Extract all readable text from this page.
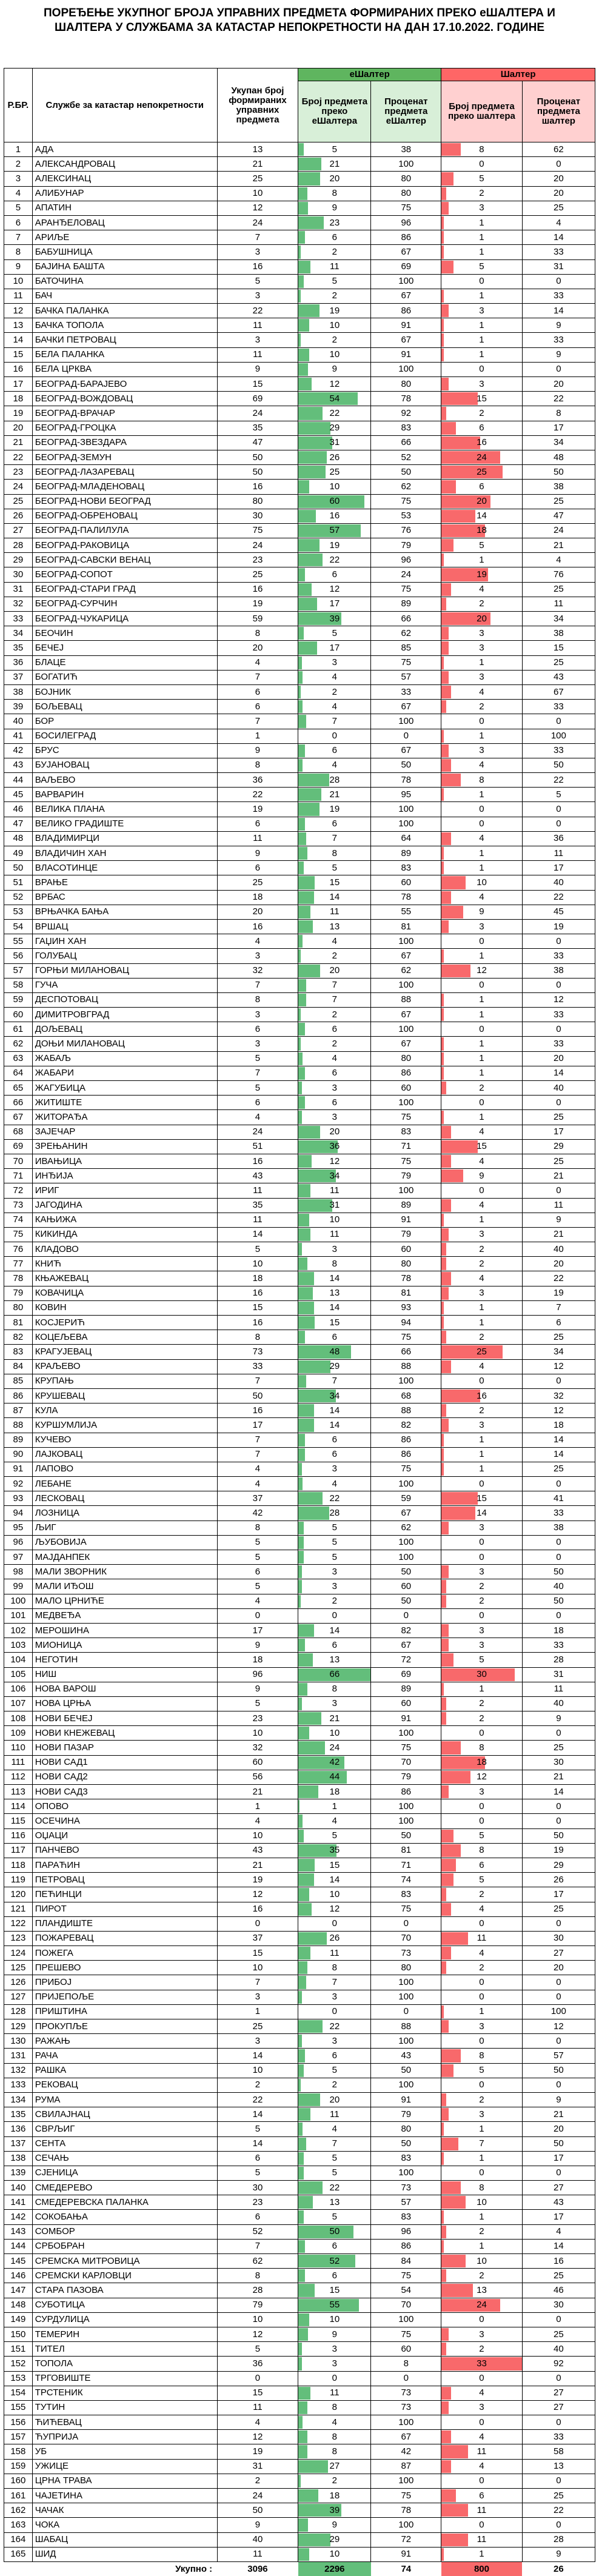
ПОРЕЂЕЊЕ УКУПНОГ БРОЈА УПРАВНИХ ПРЕДМЕТА ФОРМИРАНИХ ПРЕКО еШАЛТЕРА И
ШАЛТЕРА У СЛУЖБАМА ЗА КАТАСТАР НЕПОКРЕТНОСТИ НА ДАН 17.10.2022. ГОДИНЕ
Р.БР.	Службе за катастар непокретности	Укупан број формираних управних предмета	еШалтер		Шалтер	
			Број предмета преко еШалтера	Проценат предмета еШалтер	Број предмета преко шалтера	Проценат предмета шалтер
1	АДА	13	5	38	8	62
2	АЛЕКСАНДРОВАЦ	21	21	100	0	0
3	АЛЕКСИНАЦ	25	20	80	5	20
4	АЛИБУНАР	10	8	80	2	20
5	АПАТИН	12	9	75	3	25
6	АРАНЂЕЛОВАЦ	24	23	96	1	4
7	АРИЉЕ	7	6	86	1	14
8	БАБУШНИЦА	3	2	67	1	33
9	БАЈИНА БАШТА	16	11	69	5	31
10	БАТОЧИНА	5	5	100	0	0
11	БАЧ	3	2	67	1	33
12	БАЧКА ПАЛАНКА	22	19	86	3	14
13	БАЧКА ТОПОЛА	11	10	91	1	9
14	БАЧКИ ПЕТРОВАЦ	3	2	67	1	33
15	БЕЛА ПАЛАНКА	11	10	91	1	9
16	БЕЛА ЦРКВА	9	9	100	0	0
17	БЕОГРАД-БАРАЈЕВО	15	12	80	3	20
18	БЕОГРАД-ВОЖДОВАЦ	69	54	78	15	22
19	БЕОГРАД-ВРАЧАР	24	22	92	2	8
20	БЕОГРАД-ГРОЦКА	35	29	83	6	17
21	БЕОГРАД-ЗВЕЗДАРА	47	31	66	16	34
22	БЕОГРАД-ЗЕМУН	50	26	52	24	48
23	БЕОГРАД-ЛАЗАРЕВАЦ	50	25	50	25	50
24	БЕОГРАД-МЛАДЕНОВАЦ	16	10	62	6	38
25	БЕОГРАД-НОВИ БЕОГРАД	80	60	75	20	25
26	БЕОГРАД-ОБРЕНОВАЦ	30	16	53	14	47
27	БЕОГРАД-ПАЛИЛУЛА	75	57	76	18	24
28	БЕОГРАД-РАКОВИЦА	24	19	79	5	21
29	БЕОГРАД-САВСКИ ВЕНАЦ	23	22	96	1	4
30	БЕОГРАД-СОПОТ	25	6	24	19	76
31	БЕОГРАД-СТАРИ ГРАД	16	12	75	4	25
32	БЕОГРАД-СУРЧИН	19	17	89	2	11
33	БЕОГРАД-ЧУКАРИЦА	59	39	66	20	34
34	БЕОЧИН	8	5	62	3	38
35	БЕЧЕЈ	20	17	85	3	15
36	БЛАЦЕ	4	3	75	1	25
37	БОГАТИЋ	7	4	57	3	43
38	БОЈНИК	6	2	33	4	67
39	БОЉЕВАЦ	6	4	67	2	33
40	БОР	7	7	100	0	0
41	БОСИЛЕГРАД	1	0	0	1	100
42	БРУС	9	6	67	3	33
43	БУЈАНОВАЦ	8	4	50	4	50
44	ВАЉЕВО	36	28	78	8	22
45	ВАРВАРИН	22	21	95	1	5
46	ВЕЛИКА ПЛАНА	19	19	100	0	0
47	ВЕЛИКО ГРАДИШТЕ	6	6	100	0	0
48	ВЛАДИМИРЦИ	11	7	64	4	36
49	ВЛАДИЧИН ХАН	9	8	89	1	11
50	ВЛАСОТИНЦЕ	6	5	83	1	17
51	ВРАЊЕ	25	15	60	10	40
52	ВРБАС	18	14	78	4	22
53	ВРЊАЧКА БАЊА	20	11	55	9	45
54	ВРШАЦ	16	13	81	3	19
55	ГАЏИН ХАН	4	4	100	0	0
56	ГОЛУБАЦ	3	2	67	1	33
57	ГОРЊИ МИЛАНОВАЦ	32	20	62	12	38
58	ГУЧА	7	7	100	0	0
59	ДЕСПОТОВАЦ	8	7	88	1	12
60	ДИМИТРОВГРАД	3	2	67	1	33
61	ДОЉЕВАЦ	6	6	100	0	0
62	ДОЊИ МИЛАНОВАЦ	3	2	67	1	33
63	ЖАБАЉ	5	4	80	1	20
64	ЖАБАРИ	7	6	86	1	14
65	ЖАГУБИЦА	5	3	60	2	40
66	ЖИТИШТЕ	6	6	100	0	0
67	ЖИТОРАЂА	4	3	75	1	25
68	ЗАЈЕЧАР	24	20	83	4	17
69	ЗРЕЊАНИН	51	36	71	15	29
70	ИВАЊИЦА	16	12	75	4	25
71	ИНЂИЈА	43	34	79	9	21
72	ИРИГ	11	11	100	0	0
73	ЈАГОДИНА	35	31	89	4	11
74	КАЊИЖА	11	10	91	1	9
75	КИКИНДА	14	11	79	3	21
76	КЛАДОВО	5	3	60	2	40
77	КНИЋ	10	8	80	2	20
78	КЊАЖЕВАЦ	18	14	78	4	22
79	КОВАЧИЦА	16	13	81	3	19
80	КОВИН	15	14	93	1	7
81	КОСЈЕРИЋ	16	15	94	1	6
82	КОЦЕЉЕВА	8	6	75	2	25
83	КРАГУЈЕВАЦ	73	48	66	25	34
84	КРАЉЕВО	33	29	88	4	12
85	КРУПАЊ	7	7	100	0	0
86	КРУШЕВАЦ	50	34	68	16	32
87	КУЛА	16	14	88	2	12
88	КУРШУМЛИЈА	17	14	82	3	18
89	КУЧЕВО	7	6	86	1	14
90	ЛАЈКОВАЦ	7	6	86	1	14
91	ЛАПОВО	4	3	75	1	25
92	ЛЕБАНЕ	4	4	100	0	0
93	ЛЕСКОВАЦ	37	22	59	15	41
94	ЛОЗНИЦА	42	28	67	14	33
95	ЉИГ	8	5	62	3	38
96	ЉУБОВИЈА	5	5	100	0	0
97	МАЈДАНПЕК	5	5	100	0	0
98	МАЛИ ЗВОРНИК	6	3	50	3	50
99	МАЛИ ИЂОШ	5	3	60	2	40
100	МАЛО ЦРНИЋЕ	4	2	50	2	50
101	МЕДВЕЂА	0	0	0	0	0
102	МЕРОШИНА	17	14	82	3	18
103	МИОНИЦА	9	6	67	3	33
104	НЕГОТИН	18	13	72	5	28
105	НИШ	96	66	69	30	31
106	НОВА ВАРОШ	9	8	89	1	11
107	НОВА ЦРЊА	5	3	60	2	40
108	НОВИ БЕЧЕЈ	23	21	91	2	9
109	НОВИ КНЕЖЕВАЦ	10	10	100	0	0
110	НОВИ ПАЗАР	32	24	75	8	25
111	НОВИ САД1	60	42	70	18	30
112	НОВИ САД2	56	44	79	12	21
113	НОВИ САД3	21	18	86	3	14
114	ОПОВО	1	1	100	0	0
115	ОСЕЧИНА	4	4	100	0	0
116	ОЏАЦИ	10	5	50	5	50
117	ПАНЧЕВО	43	35	81	8	19
118	ПАРАЋИН	21	15	71	6	29
119	ПЕТРОВАЦ	19	14	74	5	26
120	ПЕЋИНЦИ	12	10	83	2	17
121	ПИРОТ	16	12	75	4	25
122	ПЛАНДИШТЕ	0	0	0	0	0
123	ПОЖАРЕВАЦ	37	26	70	11	30
124	ПОЖЕГА	15	11	73	4	27
125	ПРЕШЕВО	10	8	80	2	20
126	ПРИБОЈ	7	7	100	0	0
127	ПРИЈЕПОЉЕ	3	3	100	0	0
128	ПРИШТИНА	1	0	0	1	100
129	ПРОКУПЉЕ	25	22	88	3	12
130	РАЖАЊ	3	3	100	0	0
131	РАЧА	14	6	43	8	57
132	РАШКА	10	5	50	5	50
133	РЕКОВАЦ	2	2	100	0	0
134	РУМА	22	20	91	2	9
135	СВИЛАЈНАЦ	14	11	79	3	21
136	СВРЉИГ	5	4	80	1	20
137	СЕНТА	14	7	50	7	50
138	СЕЧАЊ	6	5	83	1	17
139	СЈЕНИЦА	5	5	100	0	0
140	СМЕДЕРЕВО	30	22	73	8	27
141	СМЕДЕРЕВСКА ПАЛАНКА	23	13	57	10	43
142	СОКОБАЊА	6	5	83	1	17
143	СОМБОР	52	50	96	2	4
144	СРБОБРАН	7	6	86	1	14
145	СРЕМСКА МИТРОВИЦА	62	52	84	10	16
146	СРЕМСКИ КАРЛОВЦИ	8	6	75	2	25
147	СТАРА ПАЗОВА	28	15	54	13	46
148	СУБОТИЦА	79	55	70	24	30
149	СУРДУЛИЦА	10	10	100	0	0
150	ТЕМЕРИН	12	9	75	3	25
151	ТИТЕЛ	5	3	60	2	40
152	ТОПОЛА	36	3	8	33	92
153	ТРГОВИШТЕ	0	0	0	0	0
154	ТРСТЕНИК	15	11	73	4	27
155	ТУТИН	11	8	73	3	27
156	ЋИЋЕВАЦ	4	4	100	0	0
157	ЋУПРИЈА	12	8	67	4	33
158	УБ	19	8	42	11	58
159	УЖИЦЕ	31	27	87	4	13
160	ЦРНА ТРАВА	2	2	100	0	0
161	ЧАЈЕТИНА	24	18	75	6	25
162	ЧАЧАК	50	39	78	11	22
163	ЧОКА	9	9	100	0	0
164	ШАБАЦ	40	29	72	11	28
165	ШИД	11	10	91	1	9
Укупно :		3096	2296	74	800	26
